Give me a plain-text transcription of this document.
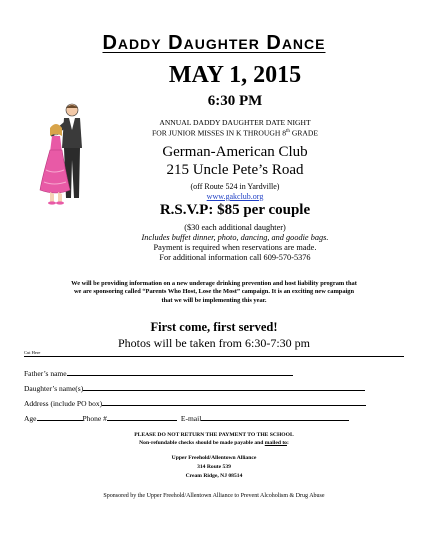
Daddy Daughter Dance
MAY 1, 2015
6:30 PM
ANNUAL DADDY DAUGHTER DATE NIGHT
FOR JUNIOR MISSES IN K THROUGH 8th GRADE
German-American Club
215 Uncle Pete’s Road
(off Route 524 in Yardville)
www.gakclub.org
R.S.V.P: $85 per couple
($30 each additional daughter)
Includes buffet dinner, photo, dancing, and goodie bags.
Payment is required when reservations are made.
For additional information call 609-570-5376
We will be providing information on a new underage drinking prevention and host liability program that
we are sponsoring called “Parents Who Host, Lose the Most” campaign. It is an exciting new campaign
that we will be implementing this year.
First come, first served!
Photos will be taken from 6:30-7:30 pm
Cut Here
Father’s name
Daughter’s name(s)
Address (include PO box)
Age	Phone #	E-mail
PLEASE DO NOT RETURN THE PAYMENT TO THE SCHOOL
Non-refundable checks should be made payable and mailed to:
Upper Freehold/Allentown Alliance
314 Route 539
Cream Ridge, NJ 08514
Sponsored by the Upper Freehold/Allentown Alliance to Prevent Alcoholism & Drug Abuse
